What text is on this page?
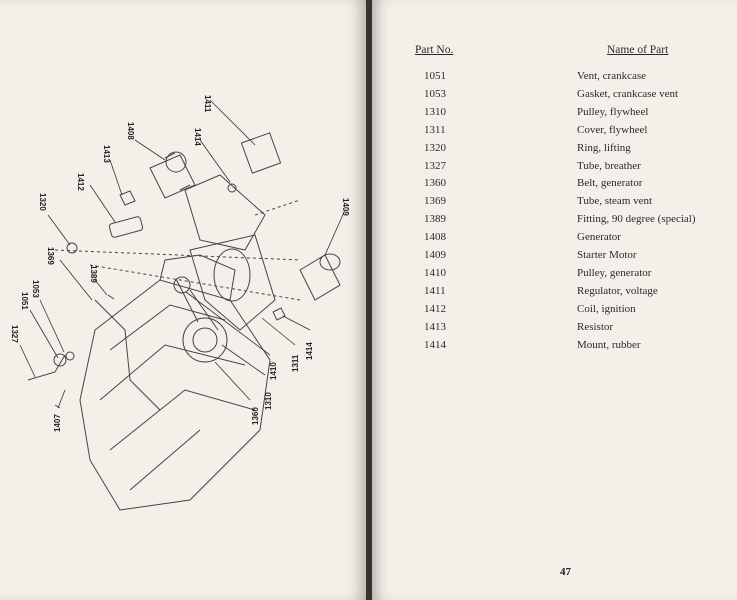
1411
1414
1408
1413
1412
1320	1409
1369
1389
1053
1051
1327
1407	1360
1310
1410 1311
1414
Part No.	Name of Part
1051	Vent, crankcase
1053	Gasket, crankcase vent
1310	Pulley, flywheel
1311	Cover, flywheel
1320	Ring, lifting
1327	Tube, breather
1360	Belt, generator
1369	Tube, steam vent
1389	Fitting, 90 degree (special)
1408	Generator
1409	Starter Motor
1410	Pulley, generator
1411	Regulator, voltage
1412	Coil, ignition
1413	Resistor
1414	Mount, rubber
47
